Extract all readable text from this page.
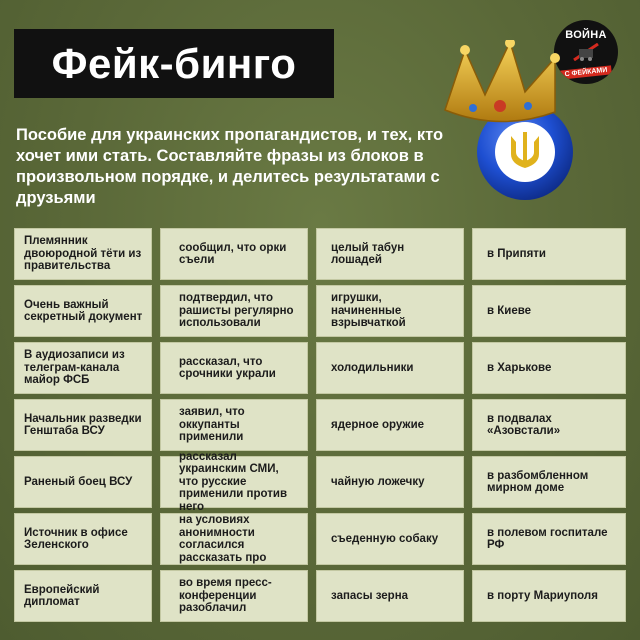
Фейк-бинго
ВОЙНА
С ФЕЙКАМИ
Пособие для украинских пропагандистов, и тех, кто хочет ими стать. Составляйте фразы из блоков в произвольном порядке, и делитесь результатами с друзьями
Племянник двоюродной тёти из правительства
сообщил, что орки съели
целый табун лошадей
в Припяти
Очень важный секретный документ
подтвердил, что рашисты регулярно использовали
игрушки, начиненные взрывчаткой
в Киеве
В аудиозаписи из телеграм-канала майор ФСБ
рассказал, что срочники украли
холодильники	в Харькове
Начальник разведки Генштаба ВСУ
заявил, что оккупанты применили
ядерное оружие
в подвалах «Азовстали»
Раненый боец ВСУ
рассказал украинским СМИ, что русские применили против него
чайную ложечку
в разбомбленном мирном доме
Источник в офисе Зеленского
на условиях анонимности согласился рассказать про
съеденную собаку
в полевом госпитале РФ
Европейский дипломат
во время пресс-конференции разоблачил
запасы зерна	в порту Мариуполя
